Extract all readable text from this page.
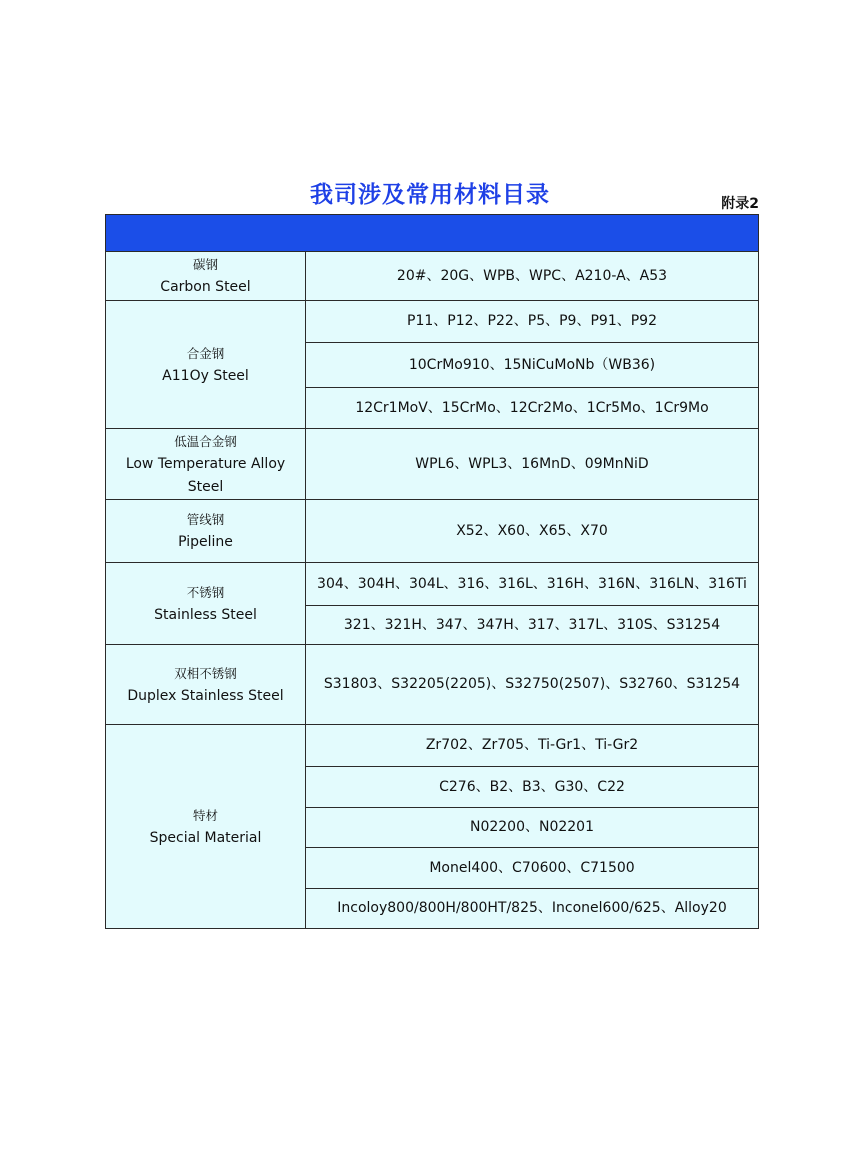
我司涉及常用材料目录	附录2

碳钢
Carbon Steel	20#、20G、WPB、WPC、A210-A、A53

合金钢
A11Oy Steel	P11、P12、P22、P5、P9、P91、P92
	10CrMo910、15NiCuMoNb（WB36)
	12Cr1MoV、15CrMo、12Cr2Mo、1Cr5Mo、1Cr9Mo

低温合金钢
Low Temperature Alloy Steel	WPL6、WPL3、16MnD、09MnNiD

管线钢
Pipeline	X52、X60、X65、X70

不锈钢
Stainless Steel	304、304H、304L、316、316L、316H、316N、316LN、316Ti
	321、321H、347、347H、317、317L、310S、S31254

双相不锈钢
Duplex Stainless Steel	S31803、S32205(2205)、S32750(2507)、S32760、S31254

特材
Special Material	Zr702、Zr705、Ti-Gr1、Ti-Gr2
	C276、B2、B3、G30、C22
	N02200、N02201
	Monel400、C70600、C71500
	Incoloy800/800H/800HT/825、Inconel600/625、Alloy20
